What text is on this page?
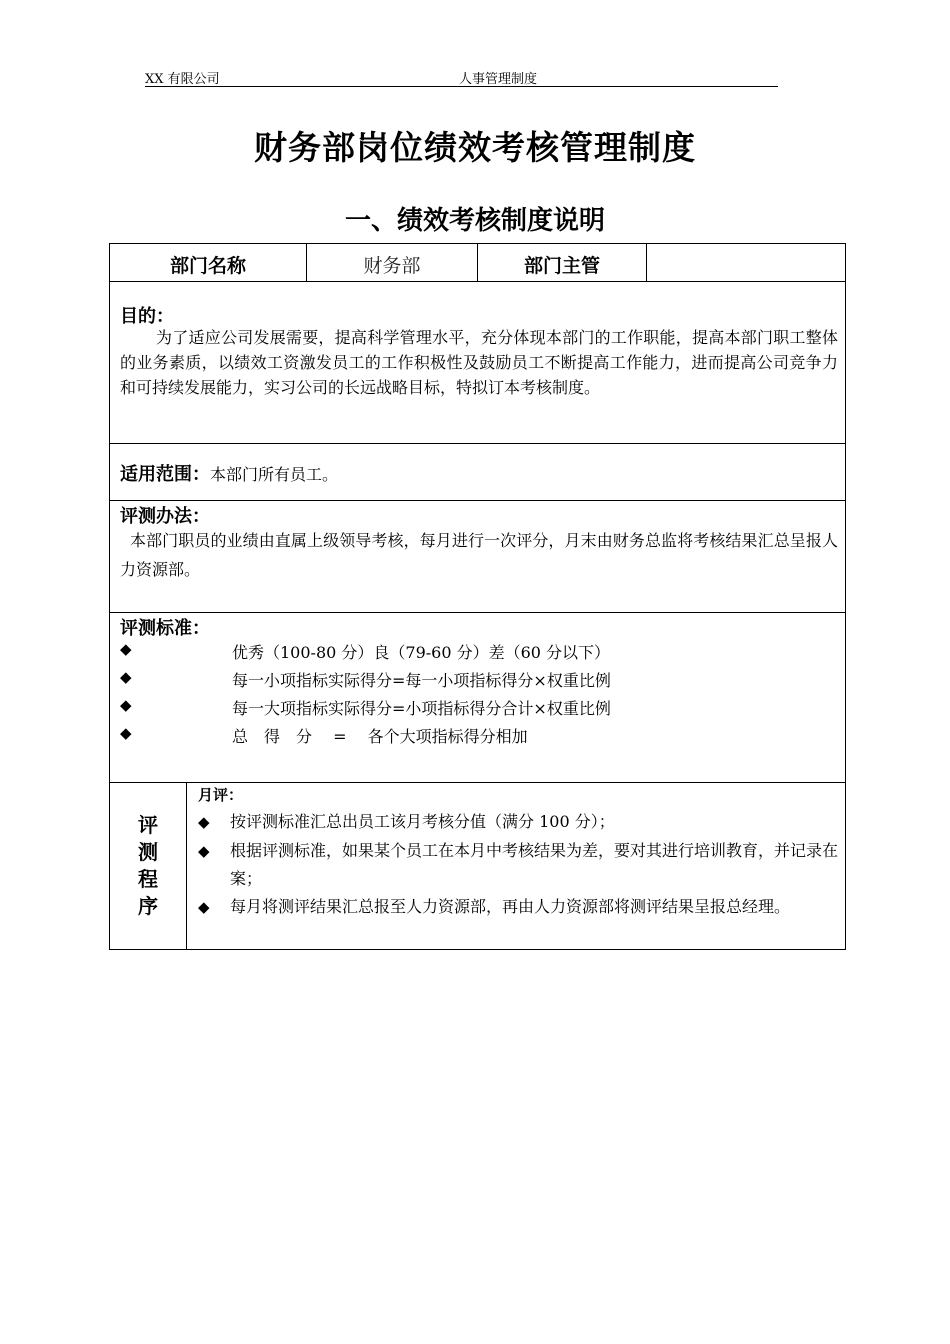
XX 有限公司	人事管理制度
财务部岗位绩效考核管理制度
一、绩效考核制度说明
部门名称	财务部	部门主管
目的：
为了适应公司发展需要，提高科学管理水平，充分体现本部门的工作职能，提高本部门职工整体的业务素质，以绩效工资激发员工的工作积极性及鼓励员工不断提高工作能力，进而提高公司竞争力和可持续发展能力，实习公司的长远战略目标，特拟订本考核制度。
适用范围：本部门所有员工。
评测办法：
本部门职员的业绩由直属上级领导考核，每月进行一次评分，月末由财务总监将考核结果汇总呈报人力资源部。
评测标准：
◆	优秀（100-80 分）良（79-60 分）差（60 分以下）
◆	每一小项指标实际得分=每一小项指标得分×权重比例
◆	每一大项指标实际得分=小项指标得分合计×权重比例
◆	总　得　分　 = 　各个大项指标得分相加
评
测
程
序
月评：
◆ 按评测标准汇总出员工该月考核分值（满分 100 分）；
◆ 根据评测标准，如果某个员工在本月中考核结果为差，要对其进行培训教育，并记录在案；
◆ 每月将测评结果汇总报至人力资源部，再由人力资源部将测评结果呈报总经理。
